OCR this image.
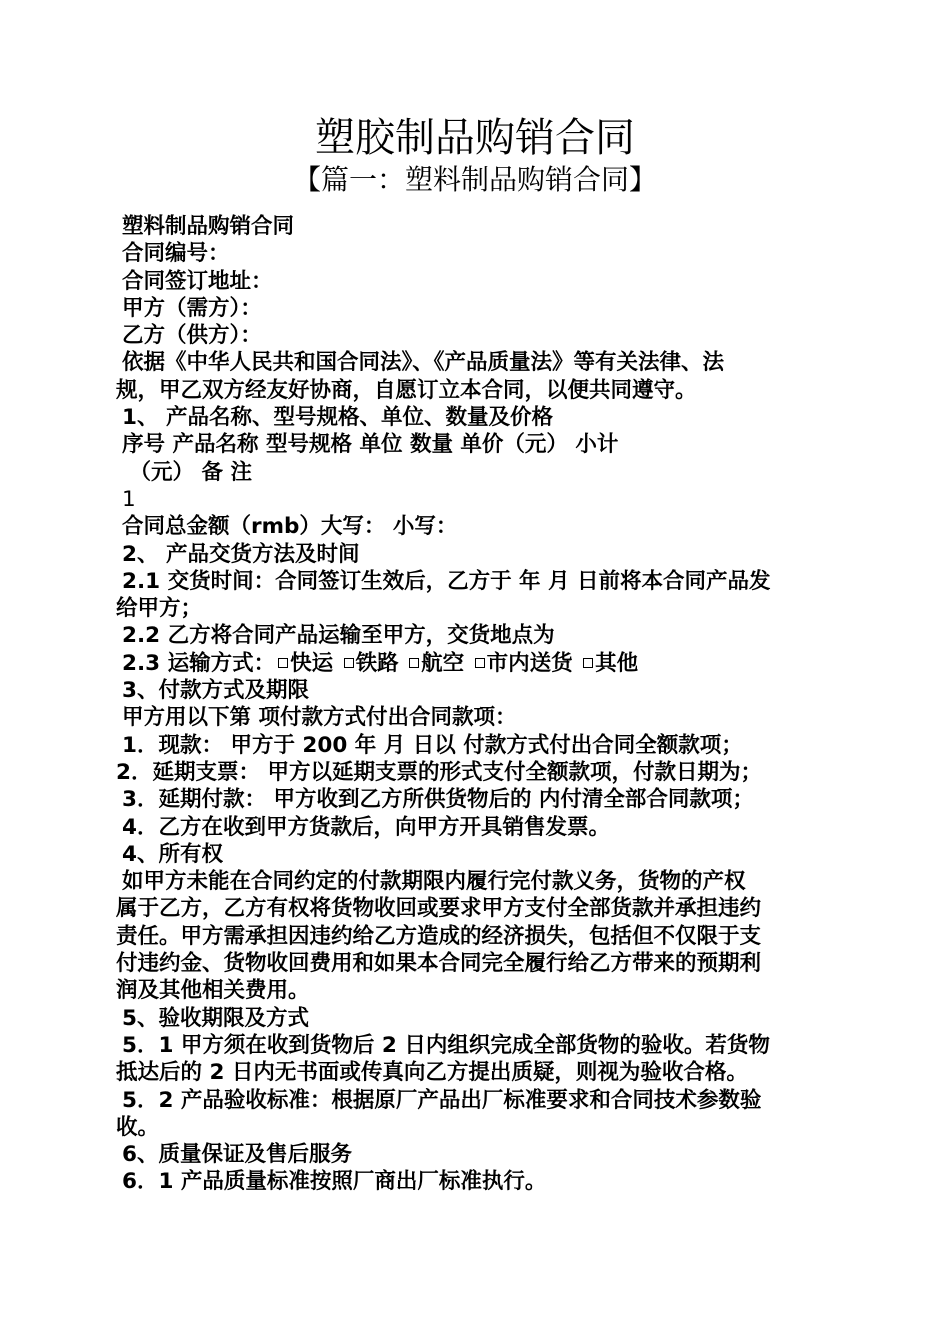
塑胶制品购销合同
【篇一：塑料制品购销合同】
塑料制品购销合同
合同编号：
合同签订地址：
甲方（需方）：
乙方（供方）：
依据《中华人民共和国合同法》、《产品质量法》等有关法律、法
规，甲乙双方经友好协商，自愿订立本合同，以便共同遵守。
1、 产品名称、型号规格、单位、数量及价格
序号 产品名称 型号规格 单位 数量 单价（元） 小计
（元） 备 注
1
合同总金额（rmb）大写： 小写：
2、 产品交货方法及时间
2.1 交货时间：合同签订生效后，乙方于 年 月 日前将本合同产品发
给甲方；
2.2 乙方将合同产品运输至甲方，交货地点为
2.3 运输方式： 快运 铁路 航空 市内送货 其他
3、付款方式及期限
甲方用以下第 项付款方式付出合同款项：
1．现款： 甲方于 200 年 月 日以 付款方式付出合同全额款项；
2．延期支票： 甲方以延期支票的形式支付全额款项，付款日期为；
3．延期付款： 甲方收到乙方所供货物后的 内付清全部合同款项；
4．乙方在收到甲方货款后，向甲方开具销售发票。
4、所有权
如甲方未能在合同约定的付款期限内履行完付款义务，货物的产权
属于乙方，乙方有权将货物收回或要求甲方支付全部货款并承担违约
责任。甲方需承担因违约给乙方造成的经济损失，包括但不仅限于支
付违约金、货物收回费用和如果本合同完全履行给乙方带来的预期利
润及其他相关费用。
5、验收期限及方式
5．1 甲方须在收到货物后 2 日内组织完成全部货物的验收。若货物
抵达后的 2 日内无书面或传真向乙方提出质疑，则视为验收合格。
5．2 产品验收标准：根据原厂产品出厂标准要求和合同技术参数验
收。
6、质量保证及售后服务
6．1 产品质量标准按照厂商出厂标准执行。
